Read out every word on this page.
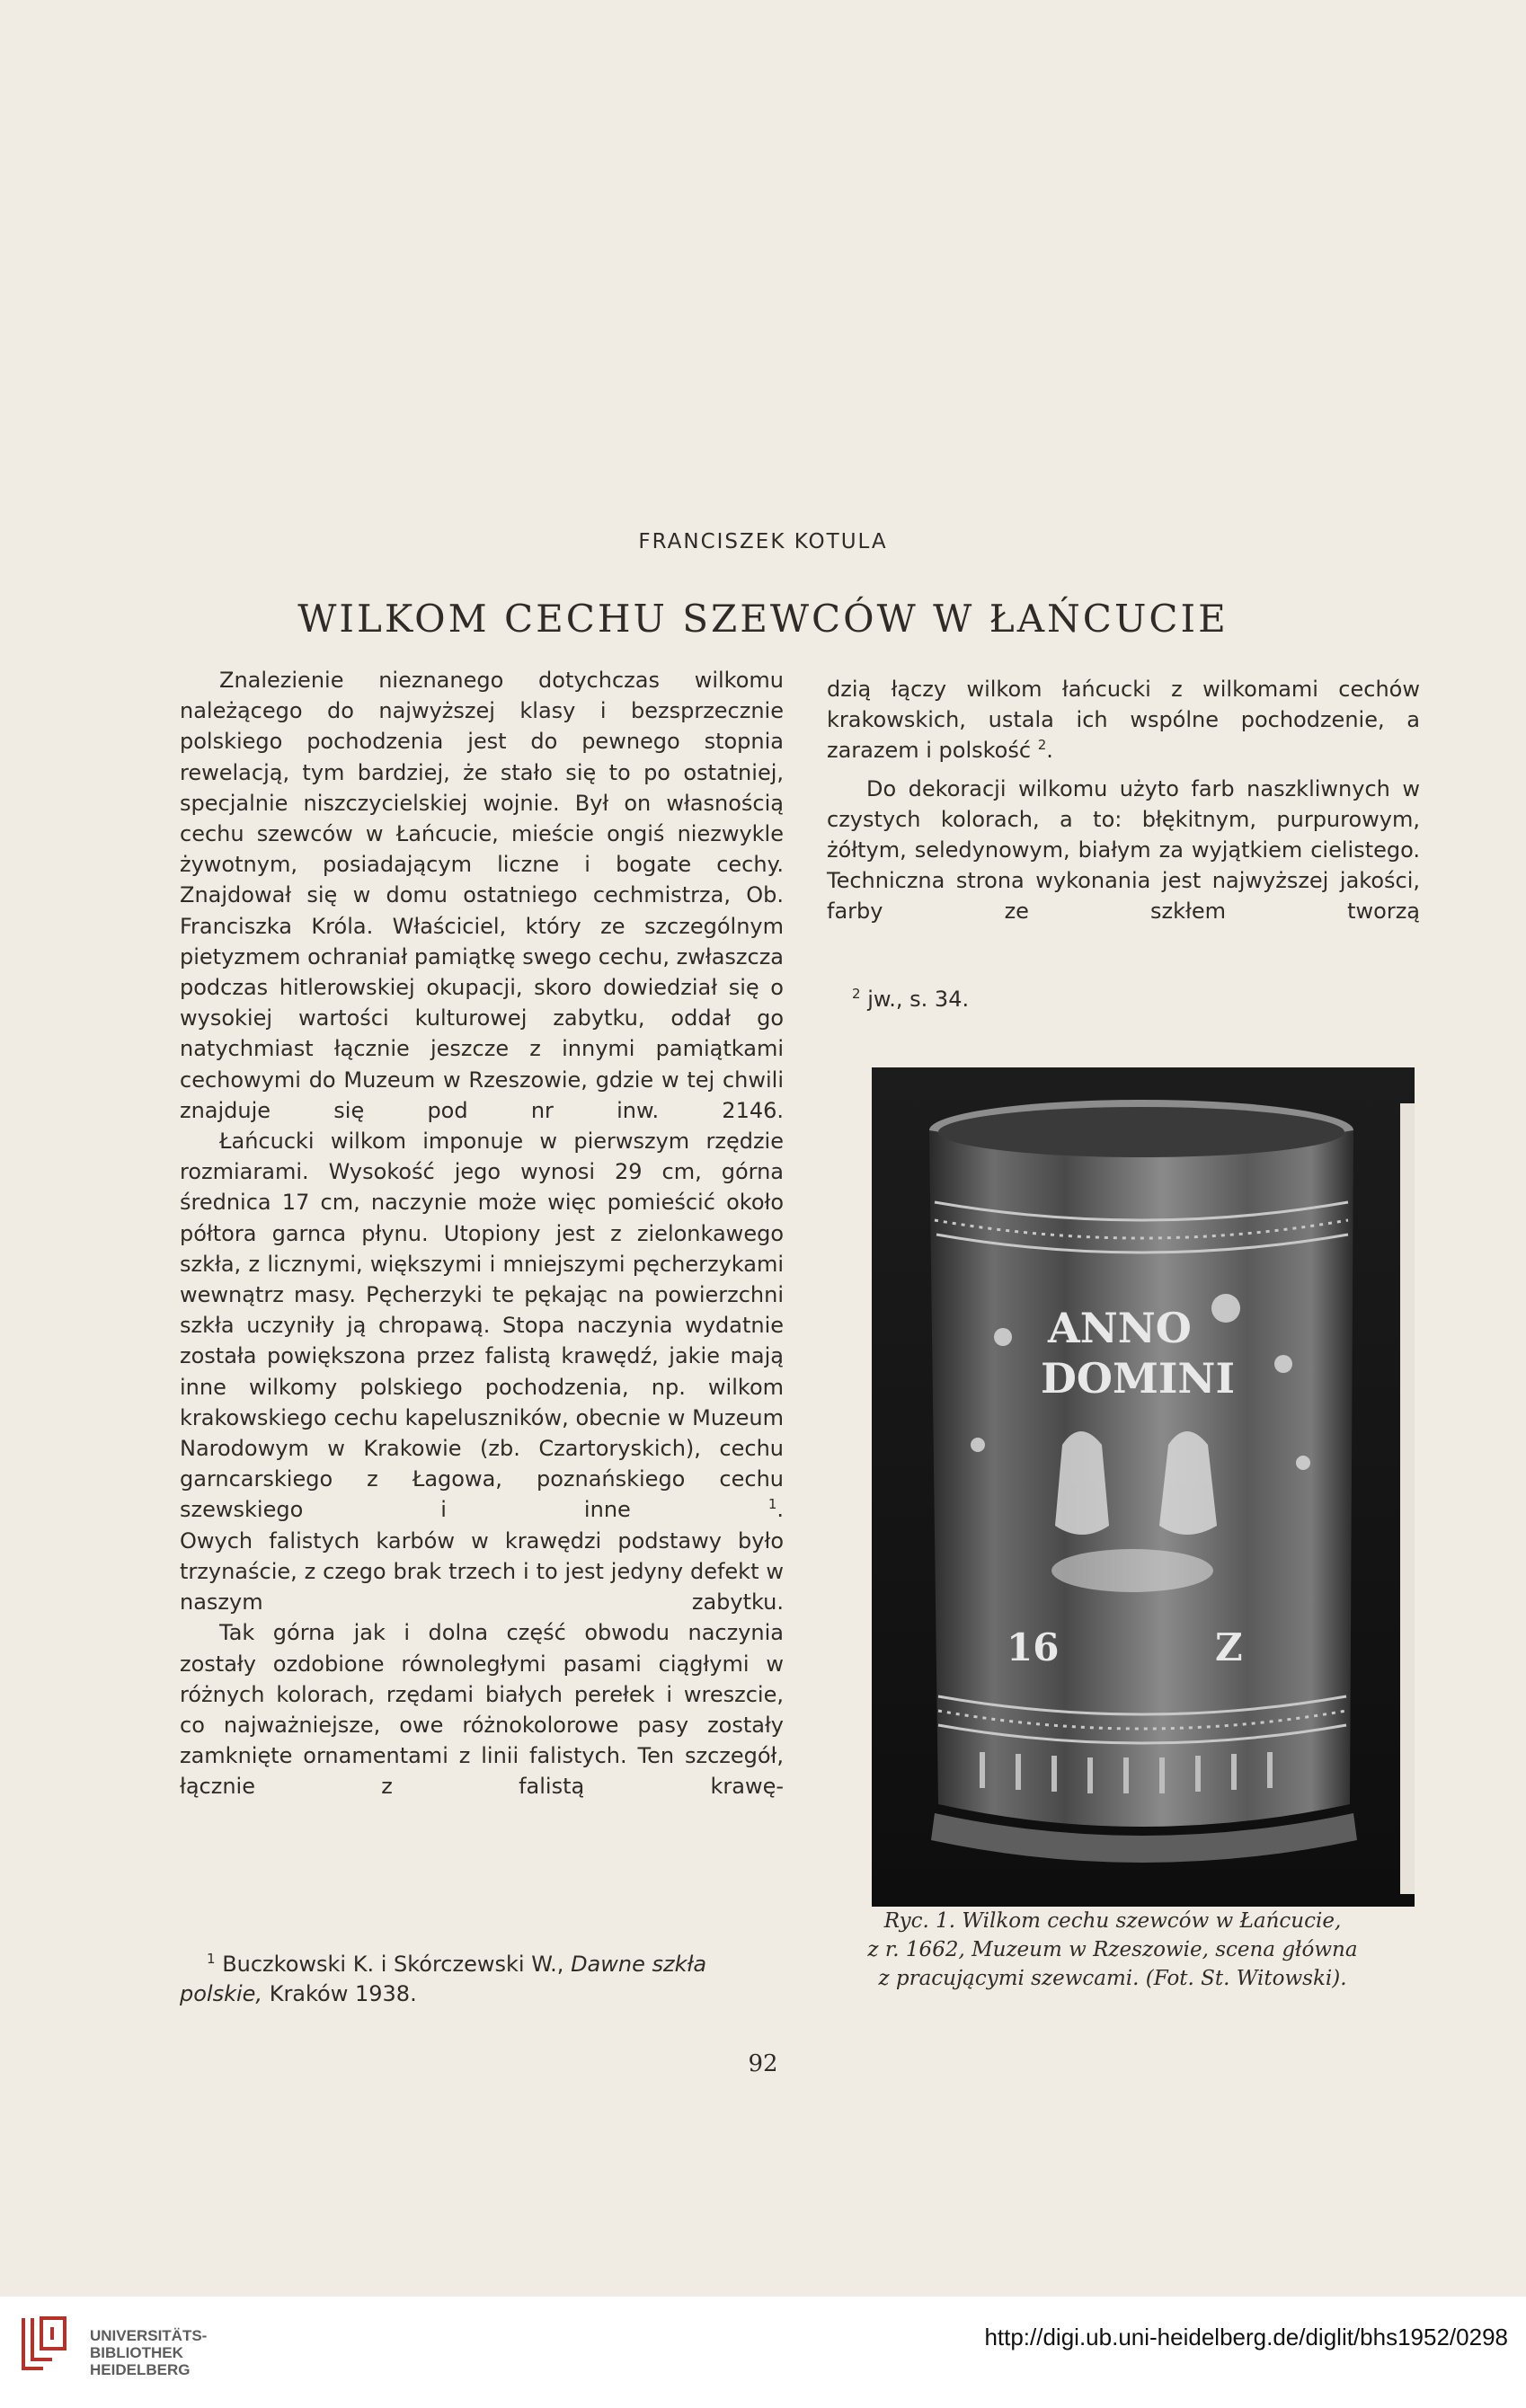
FRANCISZEK KOTULA
WILKOM CECHU SZEWCÓW W ŁAŃCUCIE

Znalezienie nieznanego dotychczas wilkomu należącego do najwyższej klasy i bezsprzecznie polskiego pochodzenia jest do pewnego stopnia rewelacją, tym bardziej, że stało się to po ostatniej, specjalnie niszczycielskiej wojnie. Był on własnością cechu szewców w Łańcucie, mieście ongiś niezwykle żywotnym, posiadającym liczne i bogate cechy. Znajdował się w domu ostatniego cechmistrza, Ob. Franciszka Króla. Właściciel, który ze szczególnym pietyzmem ochraniał pamiątkę swego cechu, zwłaszcza podczas hitlerowskiej okupacji, skoro dowiedział się o wysokiej wartości kulturowej zabytku, oddał go natychmiast łącznie jeszcze z innymi pamiątkami cechowymi do Muzeum w Rzeszowie, gdzie w tej chwili znajduje się pod nr inw. 2146.

Łańcucki wilkom imponuje w pierwszym rzędzie rozmiarami. Wysokość jego wynosi 29 cm, górna średnica 17 cm, naczynie może więc pomieścić około półtora garnca płynu. Utopiony jest z zielonkawego szkła, z licznymi, większymi i mniejszymi pęcherzykami wewnątrz masy. Pęcherzyki te pękając na powierzchni szkła uczyniły ją chropawą. Stopa naczynia wydatnie została powiększona przez falistą krawędź, jakie mają inne wilkomy polskiego pochodzenia, np. wilkom krakowskiego cechu kapeluszników, obecnie w Muzeum Narodowym w Krakowie (zb. Czartoryskich), cechu garncarskiego z Łagowa, poznańskiego cechu szewskiego i inne	$^1$.

Owych falistych karbów w krawędzi podstawy było trzynaście, z czego brak trzech i to jest jedyny defekt w naszym zabytku.

Tak górna jak i dolna część obwodu naczynia zostały ozdobione równoległymi pasami ciągłymi w różnych kolorach, rzędami białych perełek i wreszcie, co najważniejsze, owe różnokolorowe pasy zostały zamknięte ornamentami z linii falistych. Ten szczegół, łącznie z falistą krawę-

dzią łączy wilkom łańcucki z wilkomami cechów krakowskich, ustala ich wspólne pochodzenie, a zarazem i polskość $^2$.

Do dekoracji wilkomu użyto farb naszkliwnych w czystych kolorach, a to: błękitnym, purpurowym, żółtym, seledynowym, białym za wyjątkiem cielistego. Techniczna strona wykonania jest najwyższej jakości, farby ze szkłem tworzą

$^2$ jw., s. 34.

ANNO
DOMINI
16	Z

Ryc. 1. Wilkom cechu szewców w Łańcucie,

z r. 1662, Muzeum w Rzeszowie, scena główna

z pracującymi szewcami. (Fot. St. Witowski).

$^1$ Buczkowski K. i Skórczewski W., Dawne szkła polskie, Kraków 1938.

92
UNIVERSITÄTS-
BIBLIOTHEK
HEIDELBERG
http://digi.ub.uni-heidelberg.de/diglit/bhs1952/0298
